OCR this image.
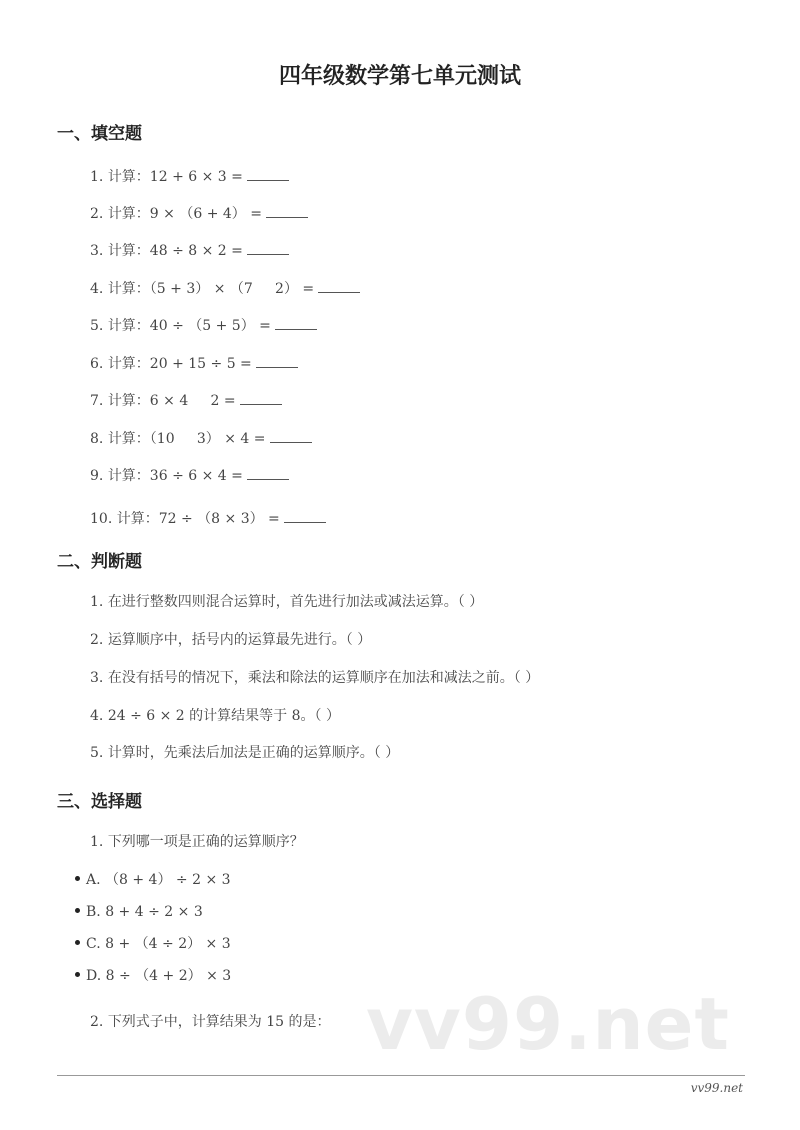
四年级数学第七单元测试
一、填空题
1. 计算：12 + 6 × 3 =
2. 计算：9 × （6 + 4） =
3. 计算：48 ÷ 8 × 2 =
4. 计算：（5 + 3） × （7     2） =
5. 计算：40 ÷ （5 + 5） =
6. 计算：20 + 15 ÷ 5 =
7. 计算：6 × 4     2 =
8. 计算：（10     3） × 4 =
9. 计算：36 ÷ 6 × 4 =
10. 计算：72 ÷ （8 × 3） =
二、判断题
1. 在进行整数四则混合运算时，首先进行加法或减法运算。（ ）
2. 运算顺序中，括号内的运算最先进行。（ ）
3. 在没有括号的情况下，乘法和除法的运算顺序在加法和减法之前。（ ）
4. 24 ÷ 6 × 2 的计算结果等于 8。（ ）
5. 计算时，先乘法后加法是正确的运算顺序。（ ）
三、选择题
1. 下列哪一项是正确的运算顺序？
A. （8 + 4） ÷ 2 × 3
B. 8 + 4 ÷ 2 × 3
C. 8 + （4 ÷ 2） × 3
D. 8 ÷ （4 + 2） × 3
vv99.net
2. 下列式子中，计算结果为 15 的是：
vv99.net
